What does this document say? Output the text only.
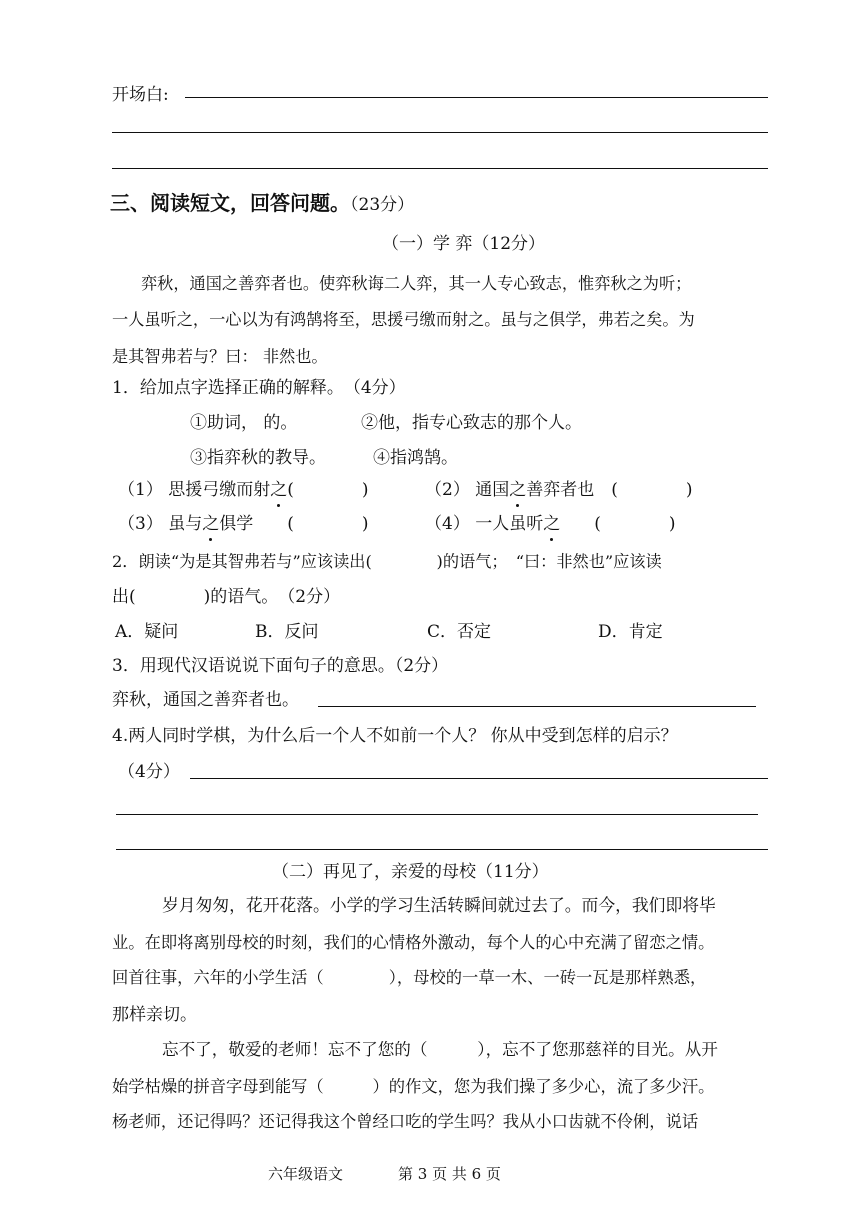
开场白:
三、阅读短文，回答问题。（23分）
（一）学 弈（12分）
弈秋，通国之善弈者也。使弈秋诲二人弈，其一人专心致志，惟弈秋之为听；
一人虽听之，一心以为有鸿鹄将至，思援弓缴而射之。虽与之俱学，弗若之矣。为
是其智弗若与？曰： 非然也。
1．给加点字选择正确的解释。　（4分）
①助词， 的。	②他，指专心致志的那个人。
③指弈秋的教导。	④指鸿鹄。
（1） 思援弓缴而射之(　　　　)	（2） 通国之善弈者也　(　　　　)
（3） 虽与之俱学　　(　　　　)	（4） 一人虽听之　　(　　　　)
2．朗读“为是其智弗若与”应该读出(　　　　)的语气；　“曰：非然也”应该读
出(　　　　)的语气。　（2分）
A．疑问	B．反问	C．否定	D．肯定
3．用现代汉语说说下面句子的意思。（2分）
弈秋，通国之善弈者也。
4.两人同时学棋，为什么后一个人不如前一个人？ 你从中受到怎样的启示？
（4分）
（二）再见了，亲爱的母校（11分）
岁月匆匆，花开花落。小学的学习生活转瞬间就过去了。而今，我们即将毕
业。在即将离别母校的时刻，我们的心情格外激动，每个人的心中充满了留恋之情。
回首往事，六年的小学生活（　　　　），母校的一草一木、一砖一瓦是那样熟悉，
那样亲切。
忘不了，敬爱的老师！忘不了您的（　　　），忘不了您那慈祥的目光。从开
始学枯燥的拼音字母到能写（　　　）的作文，您为我们操了多少心，流了多少汗。
杨老师，还记得吗？还记得我这个曾经口吃的学生吗？我从小口齿就不伶俐，说话
六年级语文	第 3 页 共 6 页
